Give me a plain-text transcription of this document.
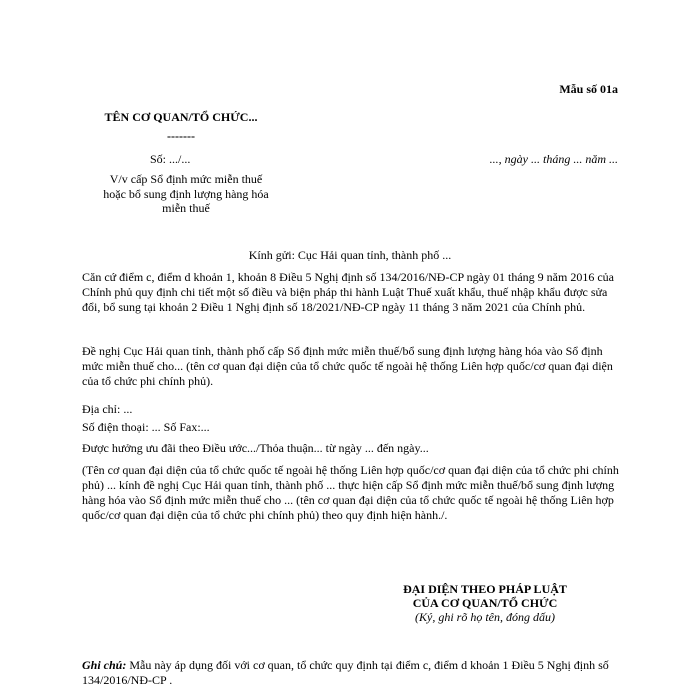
Mẫu số 01a
TÊN CƠ QUAN/TỔ CHỨC...
-------
Số: .../...	..., ngày ... tháng ... năm ...
V/v cấp Sổ định mức miễn thuế
hoặc bổ sung định lượng hàng hóa
miễn thuế
Kính gửi: Cục Hải quan tỉnh, thành phố ...

Căn cứ điểm c, điểm d khoản 1, khoản 8 Điều 5 Nghị định số 134/2016/NĐ-CP ngày 01 tháng 9 năm 2016 của Chính phủ quy định chi tiết một số điều và biện pháp thi hành Luật Thuế xuất khẩu, thuế nhập khẩu được sửa đổi, bổ sung tại khoản 2 Điều 1 Nghị định số 18/2021/NĐ-CP ngày 11 tháng 3 năm 2021 của Chính phủ.

Đề nghị Cục Hải quan tỉnh, thành phố cấp Sổ định mức miễn thuế/bổ sung định lượng hàng hóa vào Sổ định mức miễn thuế cho... (tên cơ quan đại diện của tổ chức quốc tế ngoài hệ thống Liên hợp quốc/cơ quan đại diện của tổ chức phi chính phủ).

Địa chỉ: ...

Số điện thoại: ... Số Fax:...

Được hưởng ưu đãi theo Điều ước.../Thỏa thuận... từ ngày ... đến ngày...

(Tên cơ quan đại diện của tổ chức quốc tế ngoài hệ thống Liên hợp quốc/cơ quan đại diện của tổ chức phi chính phủ) ... kính đề nghị Cục Hải quan tỉnh, thành phố ... thực hiện cấp Sổ định mức miễn thuế/bổ sung định lượng hàng hóa vào Sổ định mức miễn thuế cho ... (tên cơ quan đại diện của tổ chức quốc tế ngoài hệ thống Liên hợp quốc/cơ quan đại diện của tổ chức phi chính phủ) theo quy định hiện hành./.

ĐẠI DIỆN THEO PHÁP LUẬT
CỦA CƠ QUAN/TỔ CHỨC
(Ký, ghi rõ họ tên, đóng dấu)

Ghi chú: Mẫu này áp dụng đối với cơ quan, tổ chức quy định tại điểm c, điểm d khoản 1 Điều 5 Nghị định số 134/2016/NĐ-CP .
